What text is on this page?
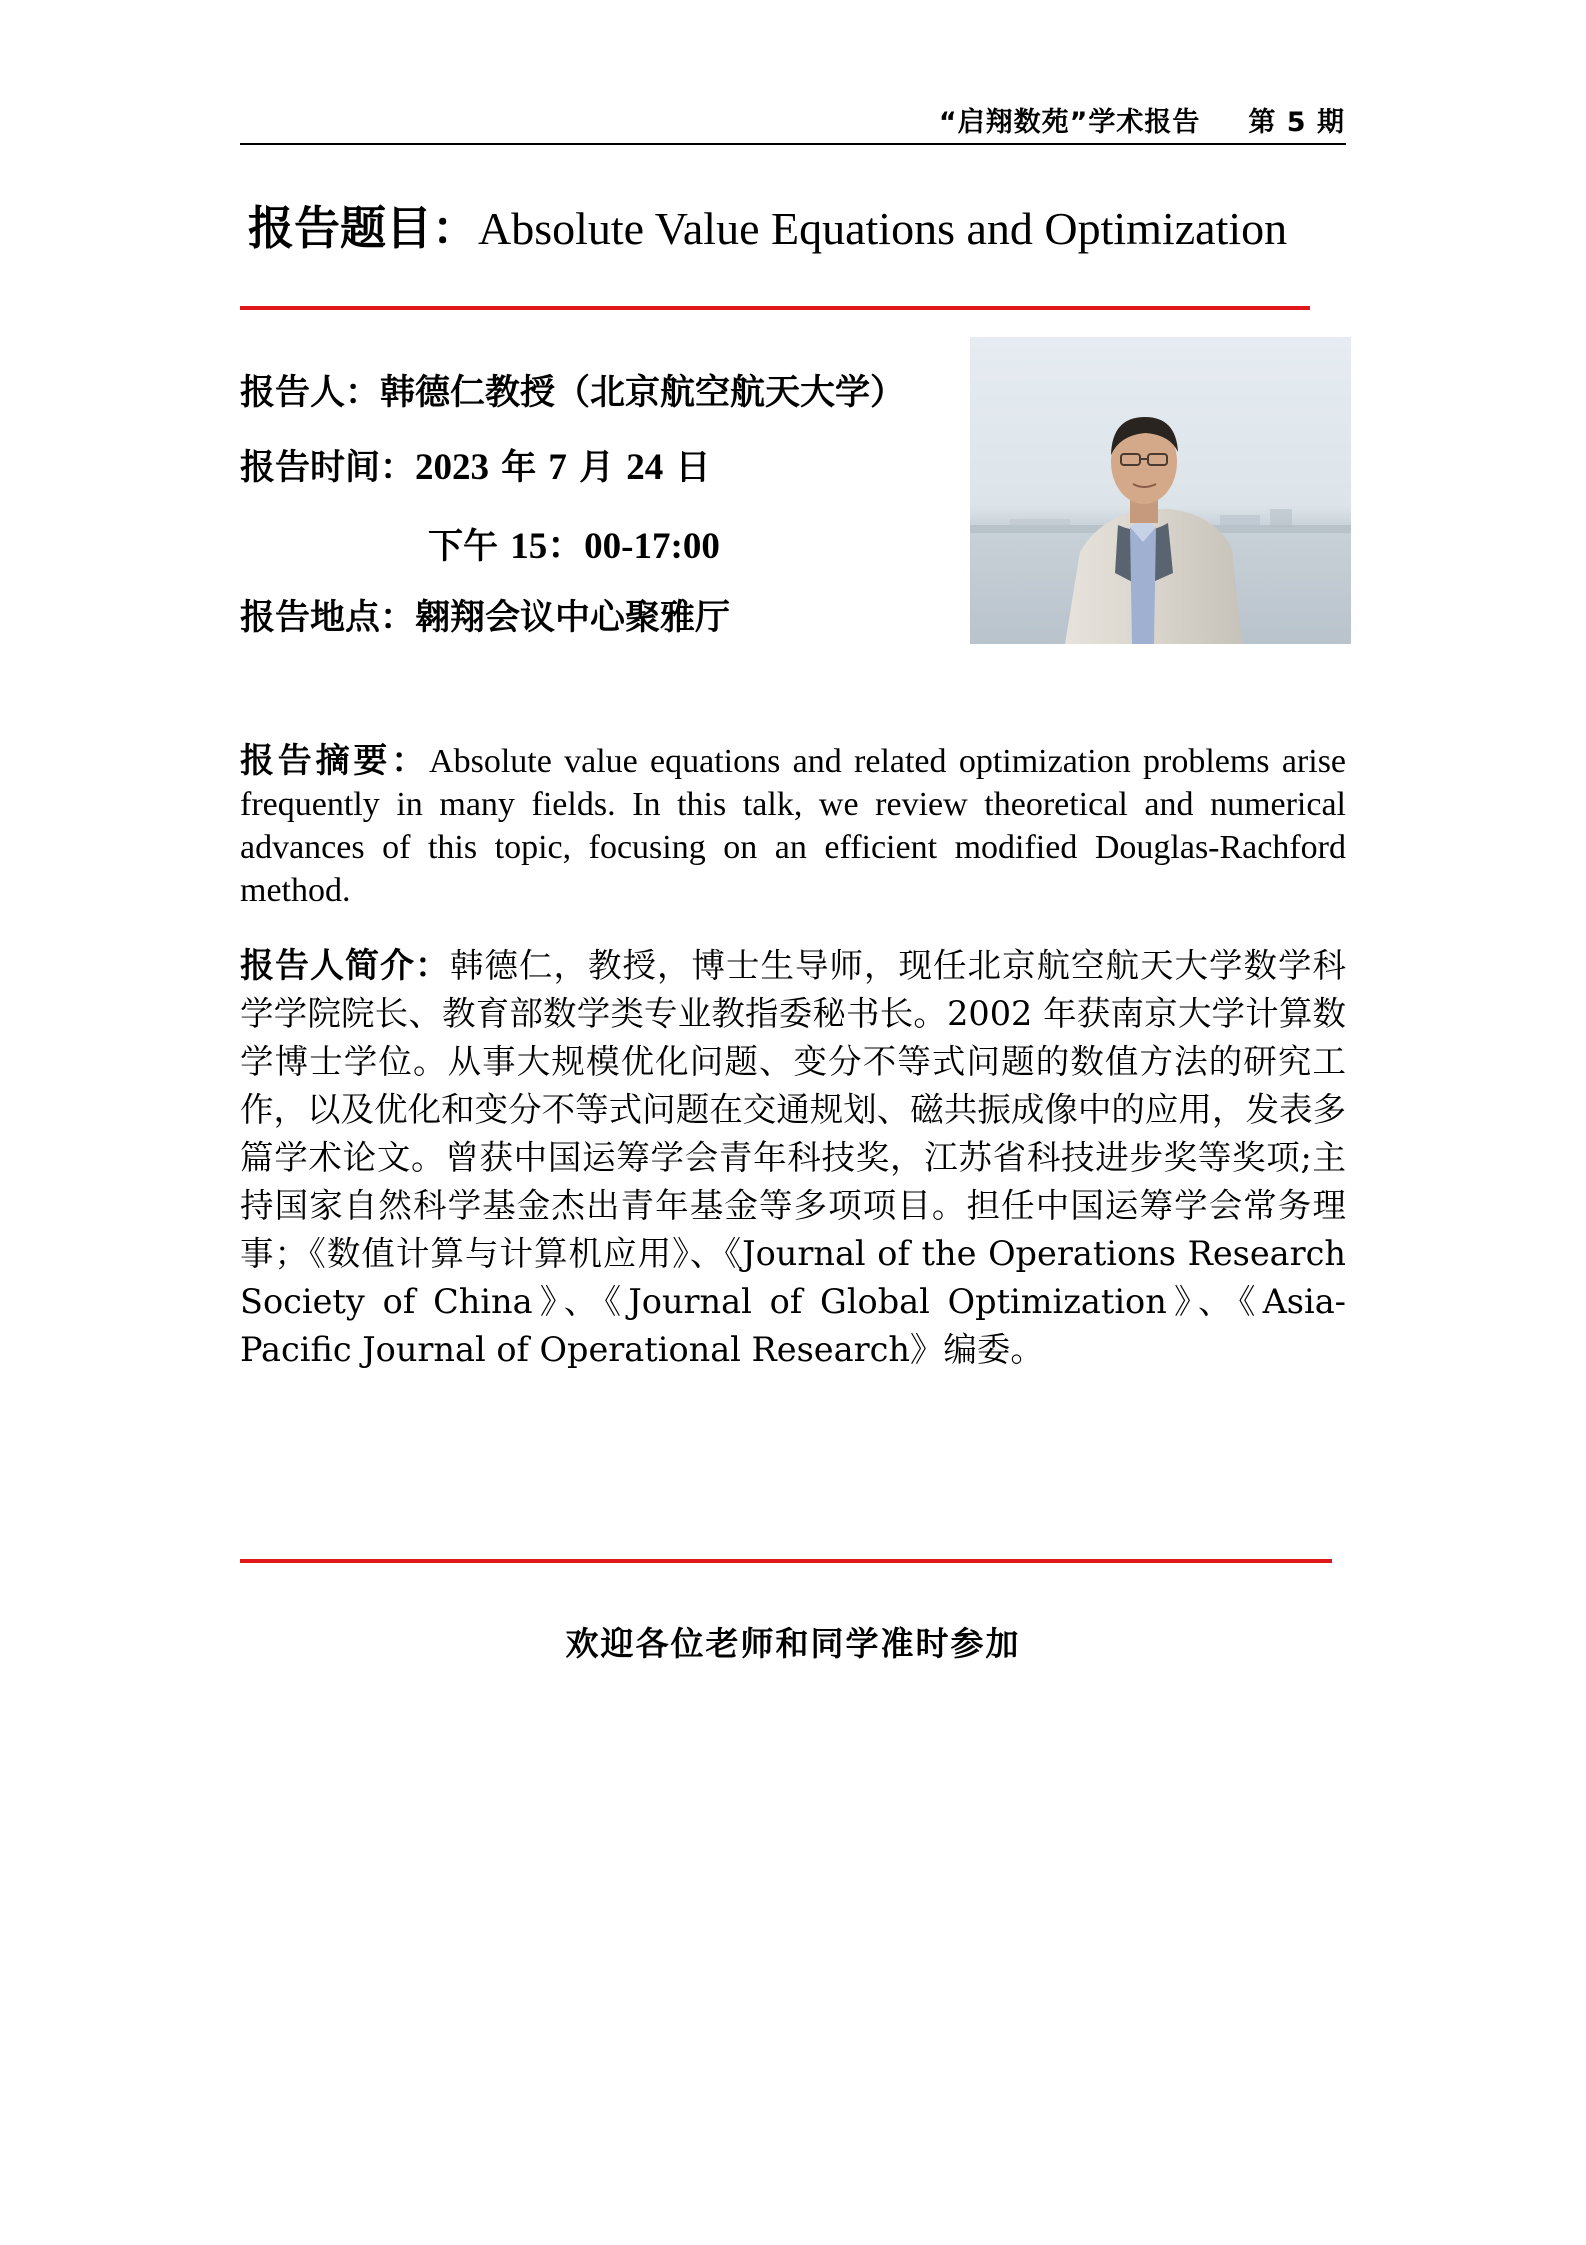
“启翔数苑”学术报告 第 5 期
报告题目：Absolute Value Equations and Optimization
报告人：韩德仁教授（北京航空航天大学）
报告时间：2023 年 7 月 24 日
下午 15：00-17:00
报告地点：翱翔会议中心聚雅厅
报告摘要：Absolute value equations and related optimization problems arise frequently in many fields. In this talk, we review theoretical and numerical advances of this topic, focusing on an efficient modified Douglas-Rachford method.
报告人简介：韩德仁，教授，博士生导师，现任北京航空航天大学数学科学学院院长、教育部数学类专业教指委秘书长。2002 年获南京大学计算数学博士学位。从事大规模优化问题、变分不等式问题的数值方法的研究工作，以及优化和变分不等式问题在交通规划、磁共振成像中的应用，发表多篇学术论文。曾获中国运筹学会青年科技奖，江苏省科技进步奖等奖项;主持国家自然科学基金杰出青年基金等多项项目。担任中国运筹学会常务理事；《数值计算与计算机应用》、《Journal of the Operations Research Society of China》、《Journal of Global Optimization》、《Asia-Pacific Journal of Operational Research》编委。
欢迎各位老师和同学准时参加
